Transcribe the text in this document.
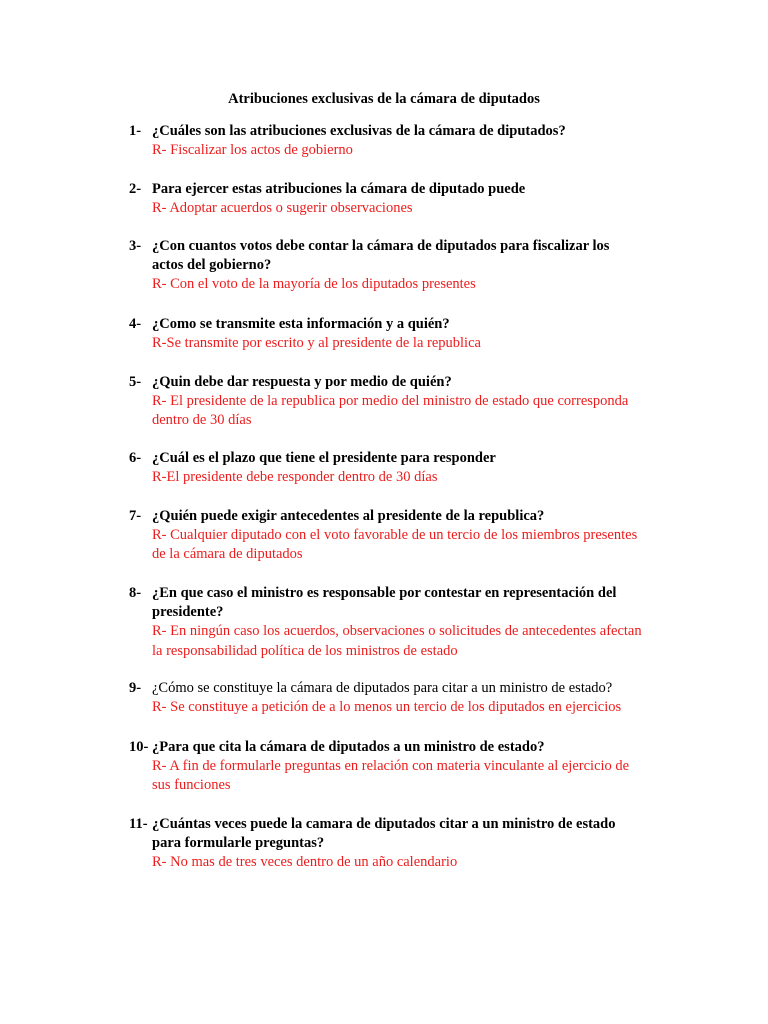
Atribuciones exclusivas de la cámara de diputados
1- ¿Cuáles son las atribuciones exclusivas de la cámara de diputados?
R- Fiscalizar los actos de gobierno
2- Para ejercer estas atribuciones la cámara de diputado puede
R- Adoptar acuerdos o sugerir observaciones
3- ¿Con cuantos votos debe contar la cámara de diputados para fiscalizar los
actos del gobierno?
R- Con el voto de la mayoría de los diputados presentes
4- ¿Como se transmite esta información y a quién?
R-Se transmite por escrito y al presidente de la republica
5- ¿Quin debe dar respuesta y por medio de quién?
R- El presidente de la republica por medio del ministro de estado que corresponda
dentro de 30 días
6- ¿Cuál es el plazo que tiene el presidente para responder
R-El presidente debe responder dentro de 30 días
7- ¿Quién puede exigir antecedentes al presidente de la republica?
R- Cualquier diputado con el voto favorable de un tercio de los miembros presentes
de la cámara de diputados
8- ¿En que caso el ministro es responsable por contestar en representación del
presidente?
R- En ningún caso los acuerdos, observaciones o solicitudes de antecedentes afectan
la responsabilidad política de los ministros de estado
9- ¿Cómo se constituye la cámara de diputados para citar a un ministro de estado?
R- Se constituye a petición de a lo menos un tercio de los diputados en ejercicios
10- ¿Para que cita la cámara de diputados a un ministro de estado?
R- A fin de formularle preguntas en relación con materia vinculante al ejercicio de
sus funciones
11- ¿Cuántas veces puede la camara de diputados citar a un ministro de estado
para formularle preguntas?
R- No mas de tres veces dentro de un año calendario
